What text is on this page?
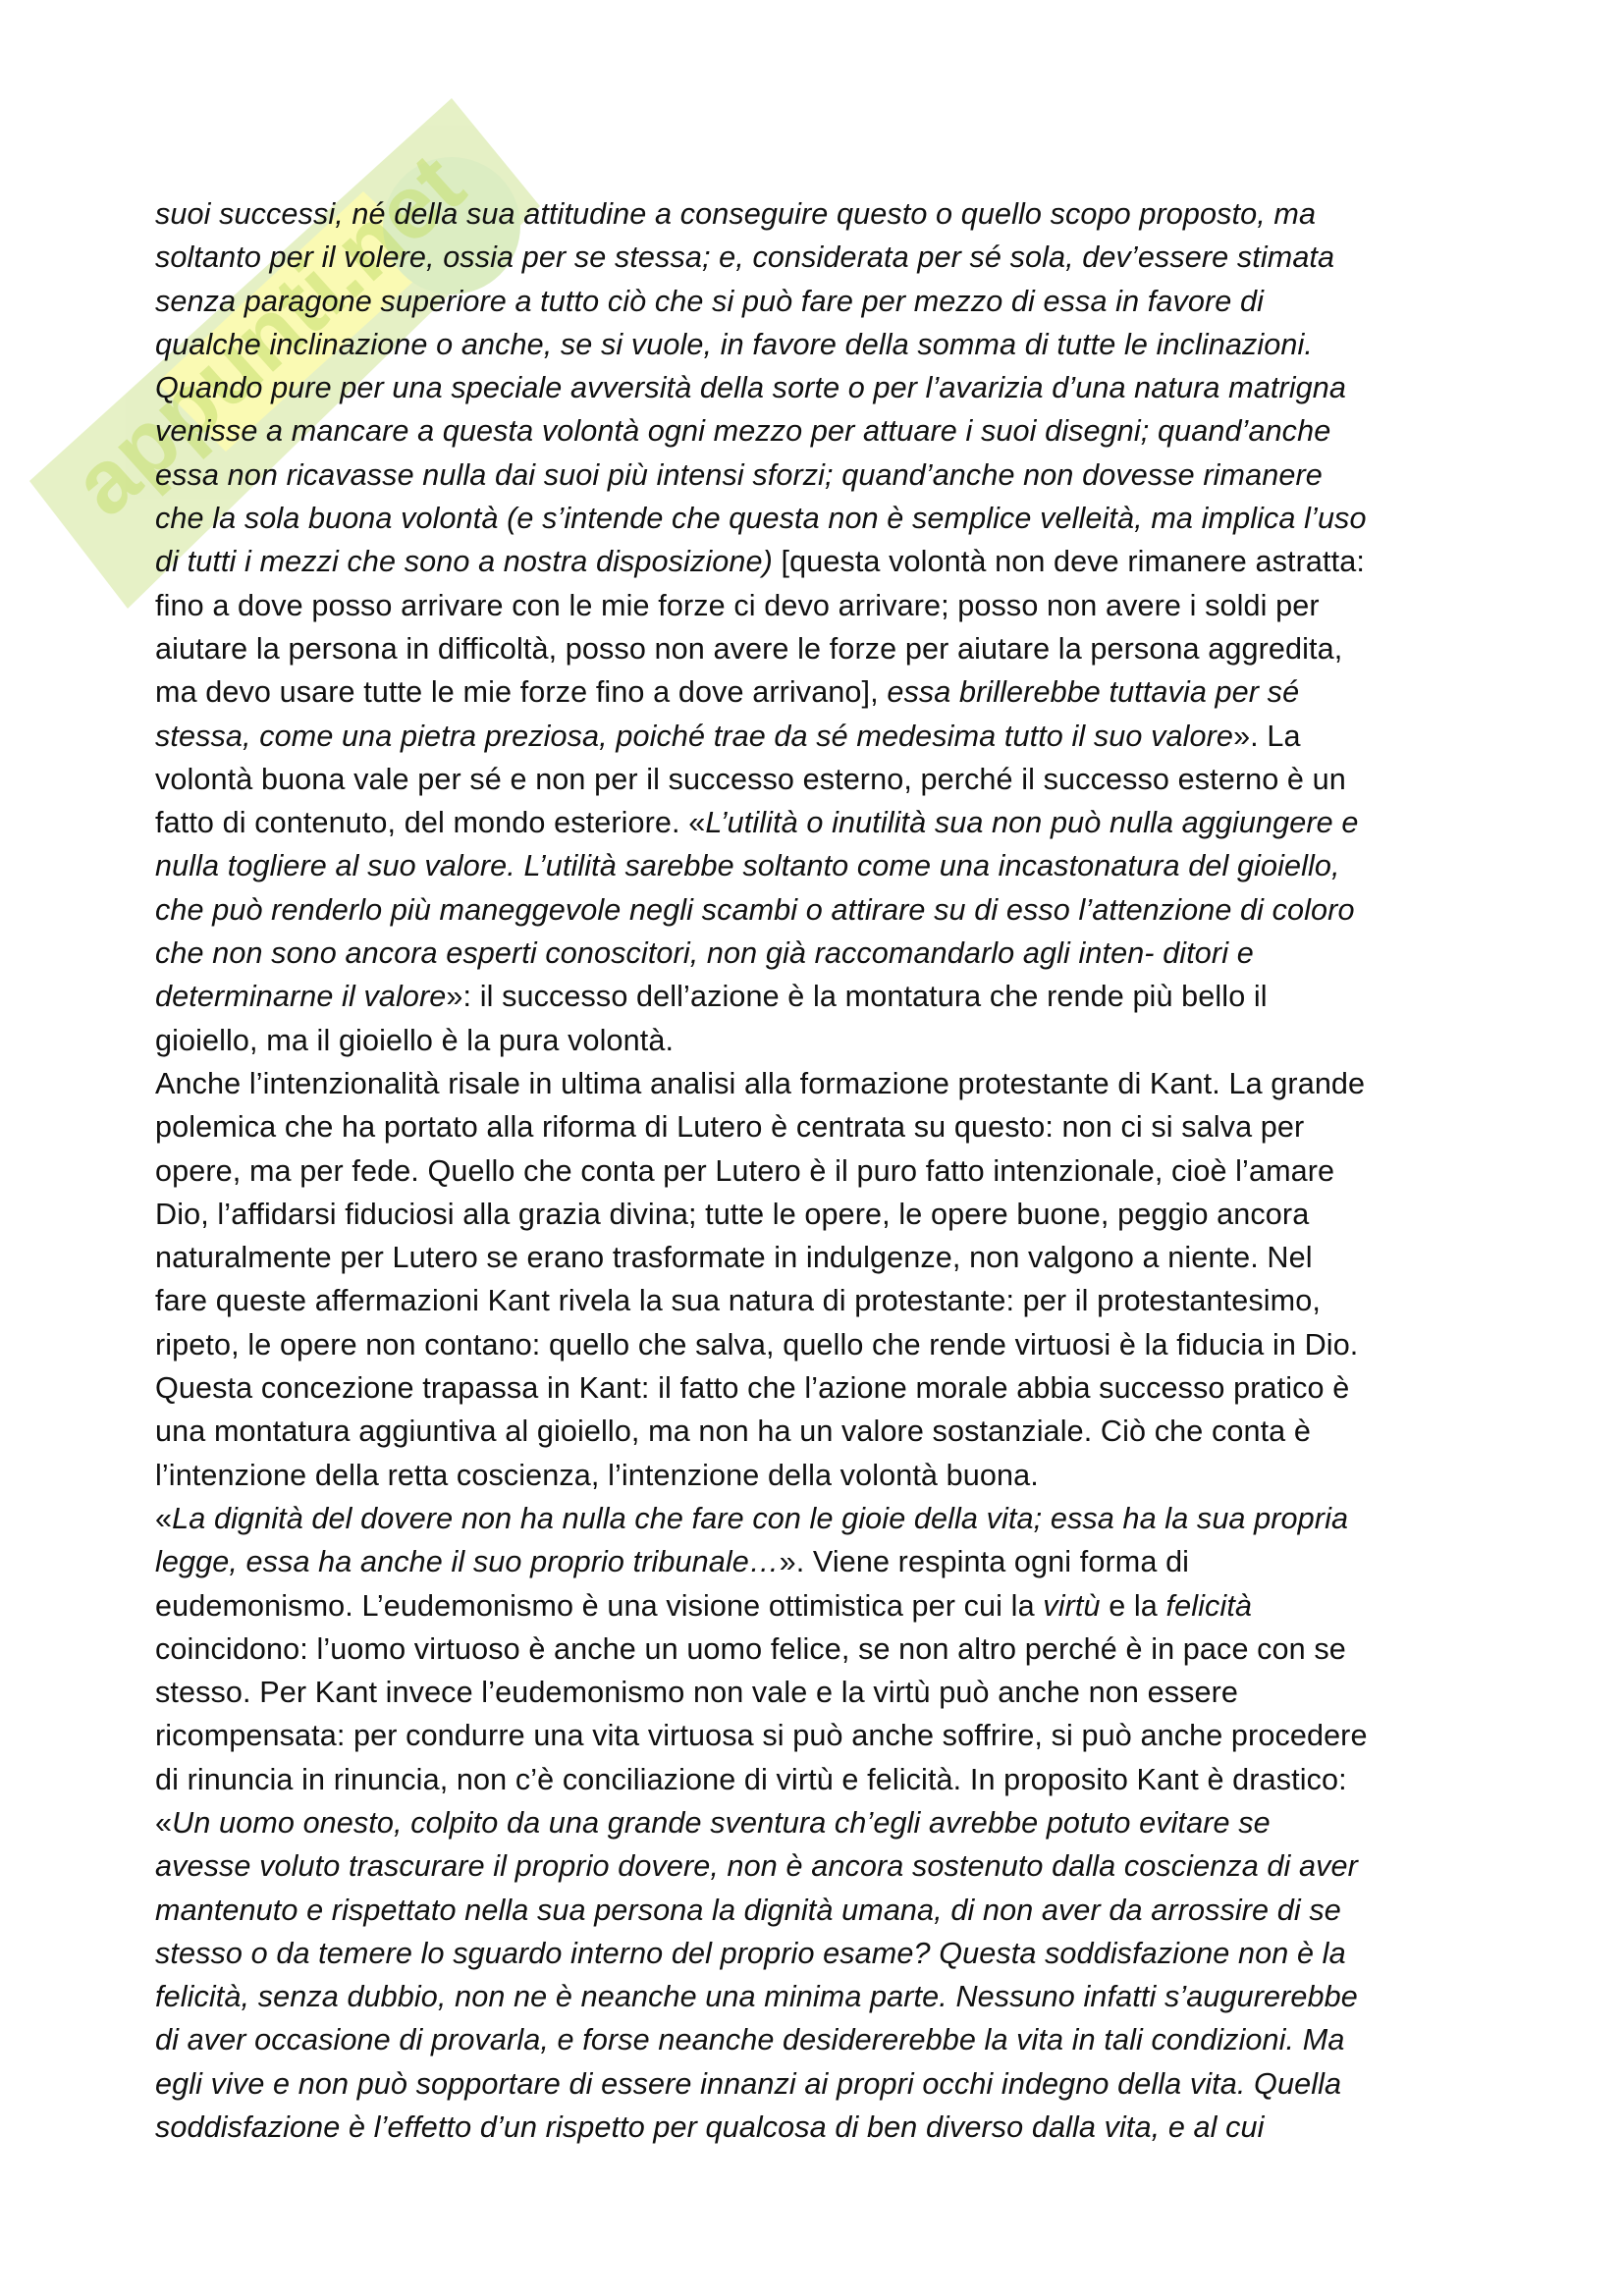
appunti.net
suoi successi, né della sua attitudine a conseguire questo o quello scopo proposto, ma
soltanto per il volere, ossia per se stessa; e, considerata per sé sola, dev’essere stimata
senza paragone superiore a tutto ciò che si può fare per mezzo di essa in favore di
qualche inclinazione o anche, se si vuole, in favore della somma di tutte le inclinazioni.
Quando pure per una speciale avversità della sorte o per l’avarizia d’una natura matrigna
venisse a mancare a questa volontà ogni mezzo per attuare i suoi disegni; quand’anche
essa non ricavasse nulla dai suoi più intensi sforzi; quand’anche non dovesse rimanere
che la sola buona volontà (e s’intende che questa non è semplice velleità, ma implica l’uso
di tutti i mezzi che sono a nostra disposizione) [questa volontà non deve rimanere astratta:
fino a dove posso arrivare con le mie forze ci devo arrivare; posso non avere i soldi per
aiutare la persona in difficoltà, posso non avere le forze per aiutare la persona aggredita,
ma devo usare tutte le mie forze fino a dove arrivano], essa brillerebbe tuttavia per sé
stessa, come una pietra preziosa, poiché trae da sé medesima tutto il suo valore». La
volontà buona vale per sé e non per il successo esterno, perché il successo esterno è un
fatto di contenuto, del mondo esteriore. «L’utilità o inutilità sua non può nulla aggiungere e
nulla togliere al suo valore. L’utilità sarebbe soltanto come una incastonatura del gioiello,
che può renderlo più maneggevole negli scambi o attirare su di esso l’attenzione di coloro
che non sono ancora esperti conoscitori, non già raccomandarlo agli inten- ditori e
determinarne il valore»: il successo dell’azione è la montatura che rende più bello il
gioiello, ma il gioiello è la pura volontà.
Anche l’intenzionalità risale in ultima analisi alla formazione protestante di Kant. La grande
polemica che ha portato alla riforma di Lutero è centrata su questo: non ci si salva per
opere, ma per fede. Quello che conta per Lutero è il puro fatto intenzionale, cioè l’amare
Dio, l’affidarsi fiduciosi alla grazia divina; tutte le opere, le opere buone, peggio ancora
naturalmente per Lutero se erano trasformate in indulgenze, non valgono a niente. Nel
fare queste affermazioni Kant rivela la sua natura di protestante: per il protestantesimo,
ripeto, le opere non contano: quello che salva, quello che rende virtuosi è la fiducia in Dio.
Questa concezione trapassa in Kant: il fatto che l’azione morale abbia successo pratico è
una montatura aggiuntiva al gioiello, ma non ha un valore sostanziale. Ciò che conta è
l’intenzione della retta coscienza, l’intenzione della volontà buona.
«La dignità del dovere non ha nulla che fare con le gioie della vita; essa ha la sua propria
legge, essa ha anche il suo proprio tribunale…». Viene respinta ogni forma di
eudemonismo. L’eudemonismo è una visione ottimistica per cui la virtù e la felicità
coincidono: l’uomo virtuoso è anche un uomo felice, se non altro perché è in pace con se
stesso. Per Kant invece l’eudemonismo non vale e la virtù può anche non essere
ricompensata: per condurre una vita virtuosa si può anche soffrire, si può anche procedere
di rinuncia in rinuncia, non c’è conciliazione di virtù e felicità. In proposito Kant è drastico:
«Un uomo onesto, colpito da una grande sventura ch’egli avrebbe potuto evitare se
avesse voluto trascurare il proprio dovere, non è ancora sostenuto dalla coscienza di aver
mantenuto e rispettato nella sua persona la dignità umana, di non aver da arrossire di se
stesso o da temere lo sguardo interno del proprio esame? Questa soddisfazione non è la
felicità, senza dubbio, non ne è neanche una minima parte. Nessuno infatti s’augurerebbe
di aver occasione di provarla, e forse neanche desidererebbe la vita in tali condizioni. Ma
egli vive e non può sopportare di essere innanzi ai propri occhi indegno della vita. Quella
soddisfazione è l’effetto d’un rispetto per qualcosa di ben diverso dalla vita, e al cui
